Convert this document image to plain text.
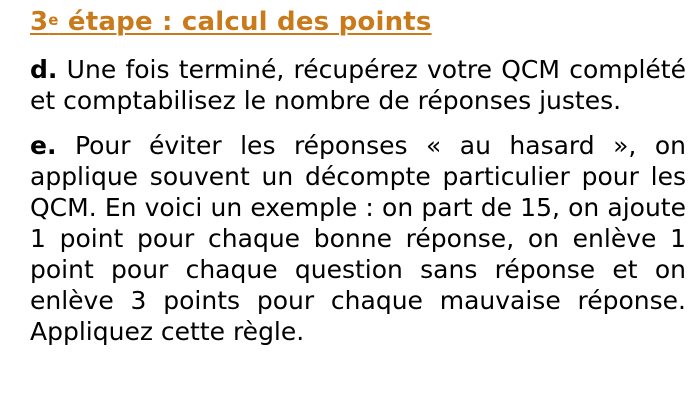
3e étape : calcul des points

d. Une fois terminé, récupérez votre QCM complété et comptabilisez le nombre de réponses justes.

e. Pour éviter les réponses « au hasard », on applique souvent un décompte particulier pour les QCM. En voici un exemple : on part de 15, on ajoute 1 point pour chaque bonne réponse, on enlève 1 point pour chaque question sans réponse et on enlève 3 points pour chaque mauvaise réponse. Appliquez cette règle.
